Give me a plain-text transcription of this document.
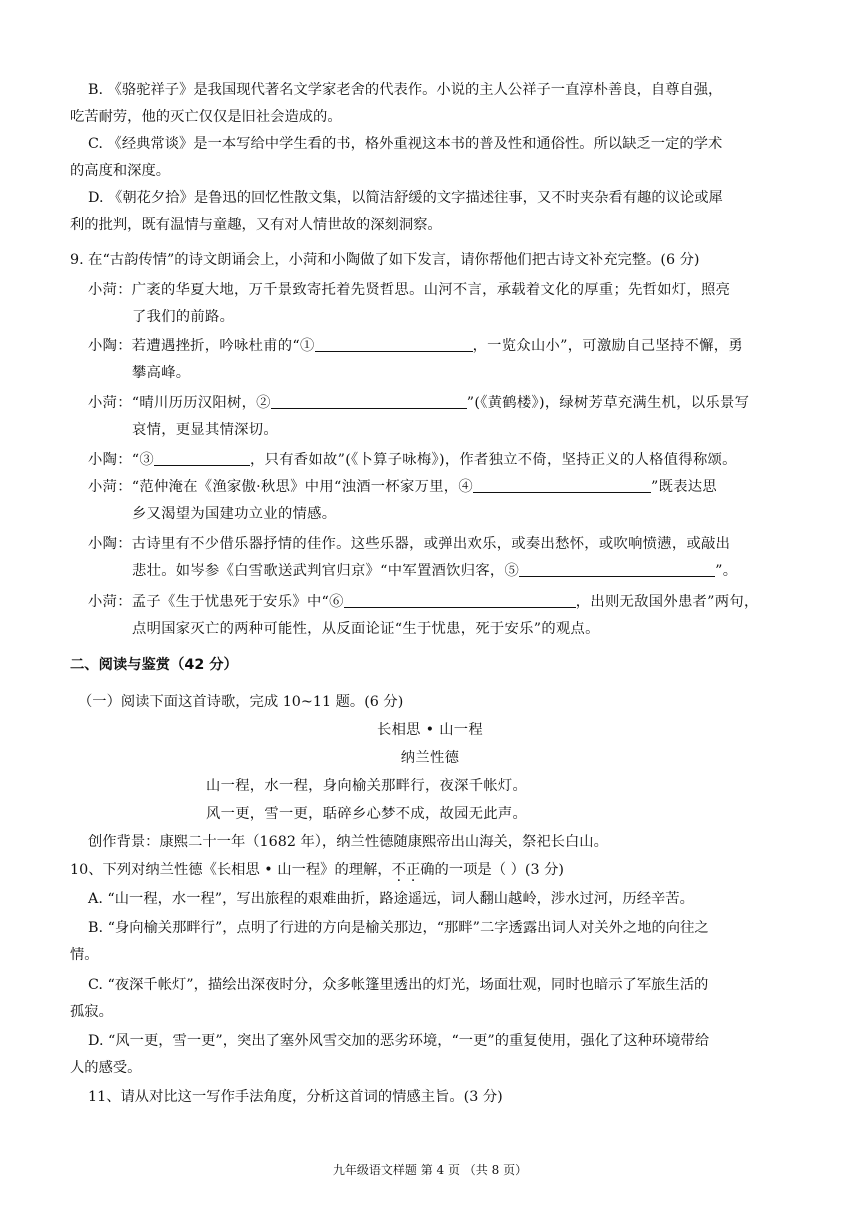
B. 《骆驼祥子》是我国现代著名文学家老舍的代表作。小说的主人公祥子一直淳朴善良，自尊自强，
吃苦耐劳，他的灭亡仅仅是旧社会造成的。
C. 《经典常谈》是一本写给中学生看的书，格外重视这本书的普及性和通俗性。所以缺乏一定的学术
的高度和深度。
D. 《朝花夕拾》是鲁迅的回忆性散文集，以简洁舒缓的文字描述往事，又不时夹杂看有趣的议论或犀
利的批判，既有温情与童趣，又有对人情世故的深刻洞察。
9. 在“古韵传情”的诗文朗诵会上，小菏和小陶做了如下发言，请你帮他们把古诗文补充完整。(6 分)
小菏：广袤的华夏大地，万千景致寄托着先贤哲思。山河不言，承载着文化的厚重；先哲如灯，照亮
了我们的前路。
小陶：若遭遇挫折，吟咏杜甫的“①	，一览众山小”，可激励自己坚持不懈，勇
攀高峰。
小菏：“晴川历历汉阳树，②	”(《黄鹤楼》)，绿树芳草充满生机，以乐景写
哀情，更显其情深切。
小陶：“③	，只有香如故”(《卜算子咏梅》)，作者独立不倚，坚持正义的人格值得称颂。
小菏：“范仲淹在《渔家傲·秋思》中用“浊酒一杯家万里，④	”既表达思
乡又渴望为国建功立业的情感。
小陶：古诗里有不少借乐器抒情的佳作。这些乐器，或弹出欢乐，或奏出愁怀，或吹响愤懑，或敲出
悲壮。如岑参《白雪歌送武判官归京》“中军置酒饮归客，⑤	”。
小菏：孟子《生于忧患死于安乐》中“⑥	，出则无敌国外患者”两句，
点明国家灭亡的两种可能性，从反面论证“生于忧患，死于安乐”的观点。
二、阅读与鉴赏（42 分）
（一）阅读下面这首诗歌，完成 10~11 题。(6 分)
长相思 • 山一程
纳兰性德
山一程，水一程，身向榆关那畔行，夜深千帐灯。
风一更，雪一更，聒碎乡心梦不成，故园无此声。
创作背景：康熙二十一年（1682 年），纳兰性德随康熙帝出山海关，祭祀长白山。
10、下列对纳兰性德《长相思 • 山一程》的理解，不正确的一项是（ ）(3 分)
A. “山一程，水一程”，写出旅程的艰难曲折，路途遥远，词人翻山越岭，涉水过河，历经辛苦。
B. “身向榆关那畔行”，点明了行进的方向是榆关那边，“那畔”二字透露出词人对关外之地的向往之
情。
C. “夜深千帐灯”，描绘出深夜时分，众多帐篷里透出的灯光，场面壮观，同时也暗示了军旅生活的
孤寂。
D. “风一更，雪一更”，突出了塞外风雪交加的恶劣环境，“一更”的重复使用，强化了这种环境带给
人的感受。
11、请从对比这一写作手法角度，分析这首词的情感主旨。(3 分)
九年级语文样题 第 4 页 （共 8 页）
